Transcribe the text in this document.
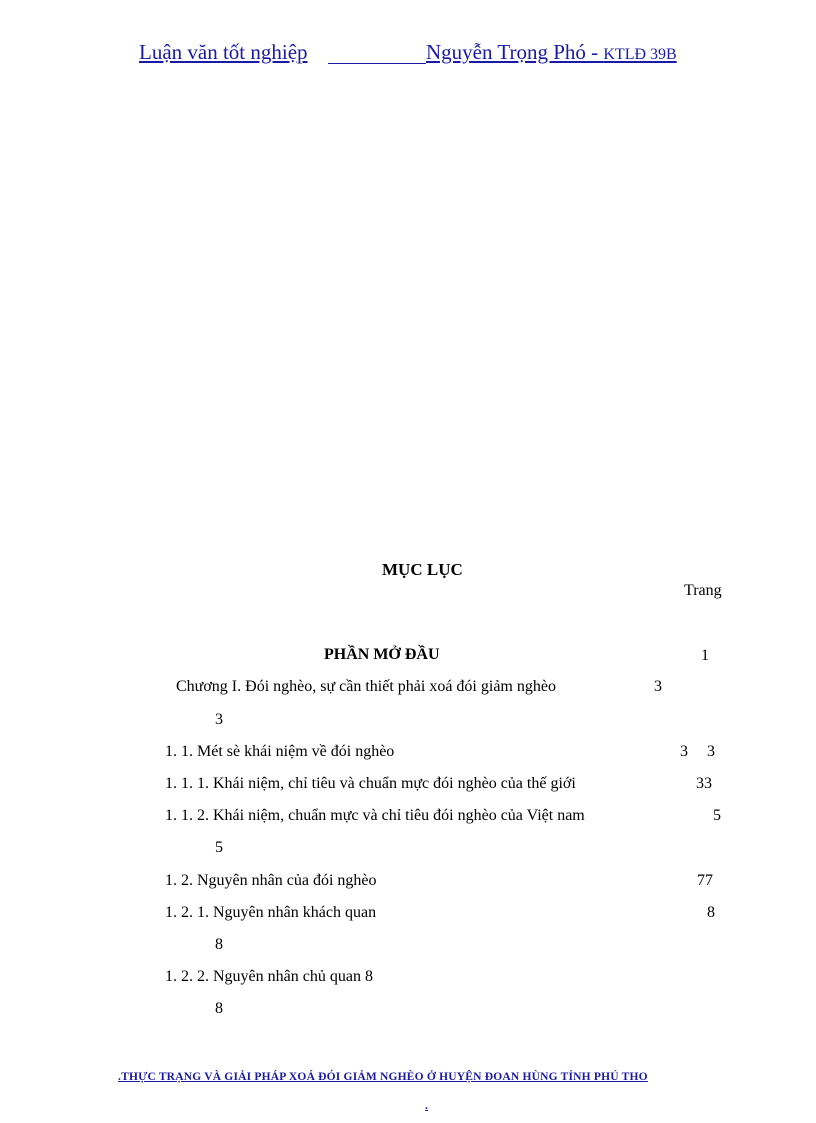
Luận văn tốt nghiệp	Nguyễn Trọng Phó - KTLĐ 39B
MỤC LỤC
Trang
PHẦN MỞ ĐẦU	1
Chương I. Đói nghèo, sự cần thiết phải xoá đói giảm nghèo	3
3
1. 1. Mét sè khái niệm về đói nghèo	3 3
1. 1. 1. Khái niệm, chỉ tiêu và chuẩn mực đói nghèo của thế giới	33
1. 1. 2. Khái niệm, chuẩn mực và chỉ tiêu đói nghèo của Việt nam	5
5
1. 2. Nguyên nhân của đói nghèo	77
1. 2. 1. Nguyên nhân khách quan	8
8
1. 2. 2. Nguyên nhân chủ quan 8
8
.THỰC TRẠNG VÀ GIẢI PHÁP XOÁ ĐÓI GIẢM NGHÈO Ở HUYỆN ĐOAN HÙNG TỈNH PHÚ THO
.
